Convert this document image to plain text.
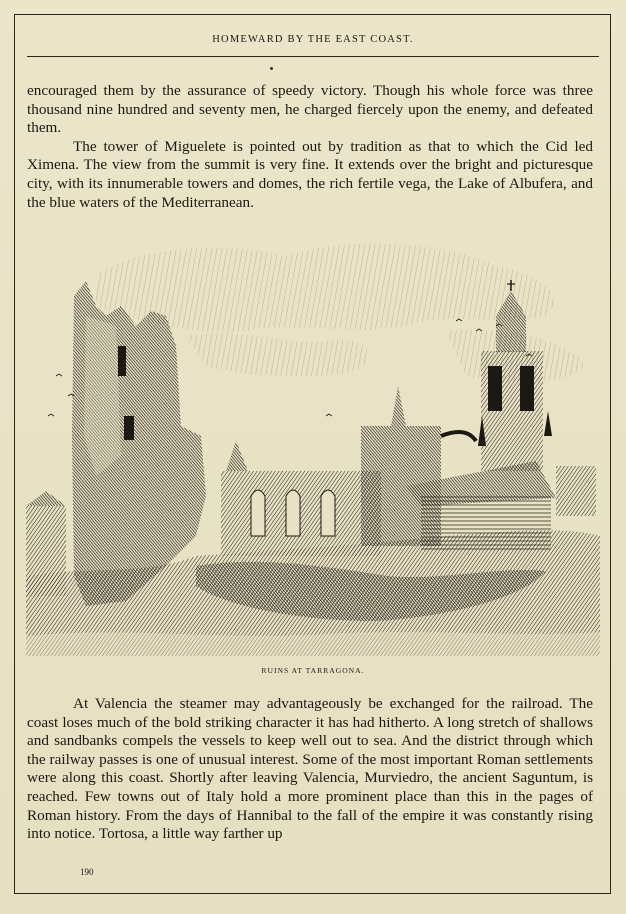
HOMEWARD BY THE EAST COAST.

encouraged them by the assurance of speedy victory. Though his whole force was three thousand nine hundred and seventy men, he charged fiercely upon the enemy, and defeated them.

The tower of Miguelete is pointed out by tradition as that to which the Cid led Ximena. The view from the summit is very fine. It extends over the bright and picturesque city, with its innumerable towers and domes, the rich fertile vega, the Lake of Albufera, and the blue waters of the Mediterranean.

RUINS AT TARRAGONA.

At Valencia the steamer may advantageously be exchanged for the railroad. The coast loses much of the bold striking character it has had hitherto. A long stretch of shallows and sandbanks compels the vessels to keep well out to sea. And the district through which the railway passes is one of unusual interest. Some of the most important Roman settlements were along this coast. Shortly after leaving Valencia, Murviedro, the ancient Saguntum, is reached. Few towns out of Italy hold a more prominent place than this in the pages of Roman history. From the days of Hannibal to the fall of the empire it was constantly rising into notice. Tortosa, a little way farther up

190
